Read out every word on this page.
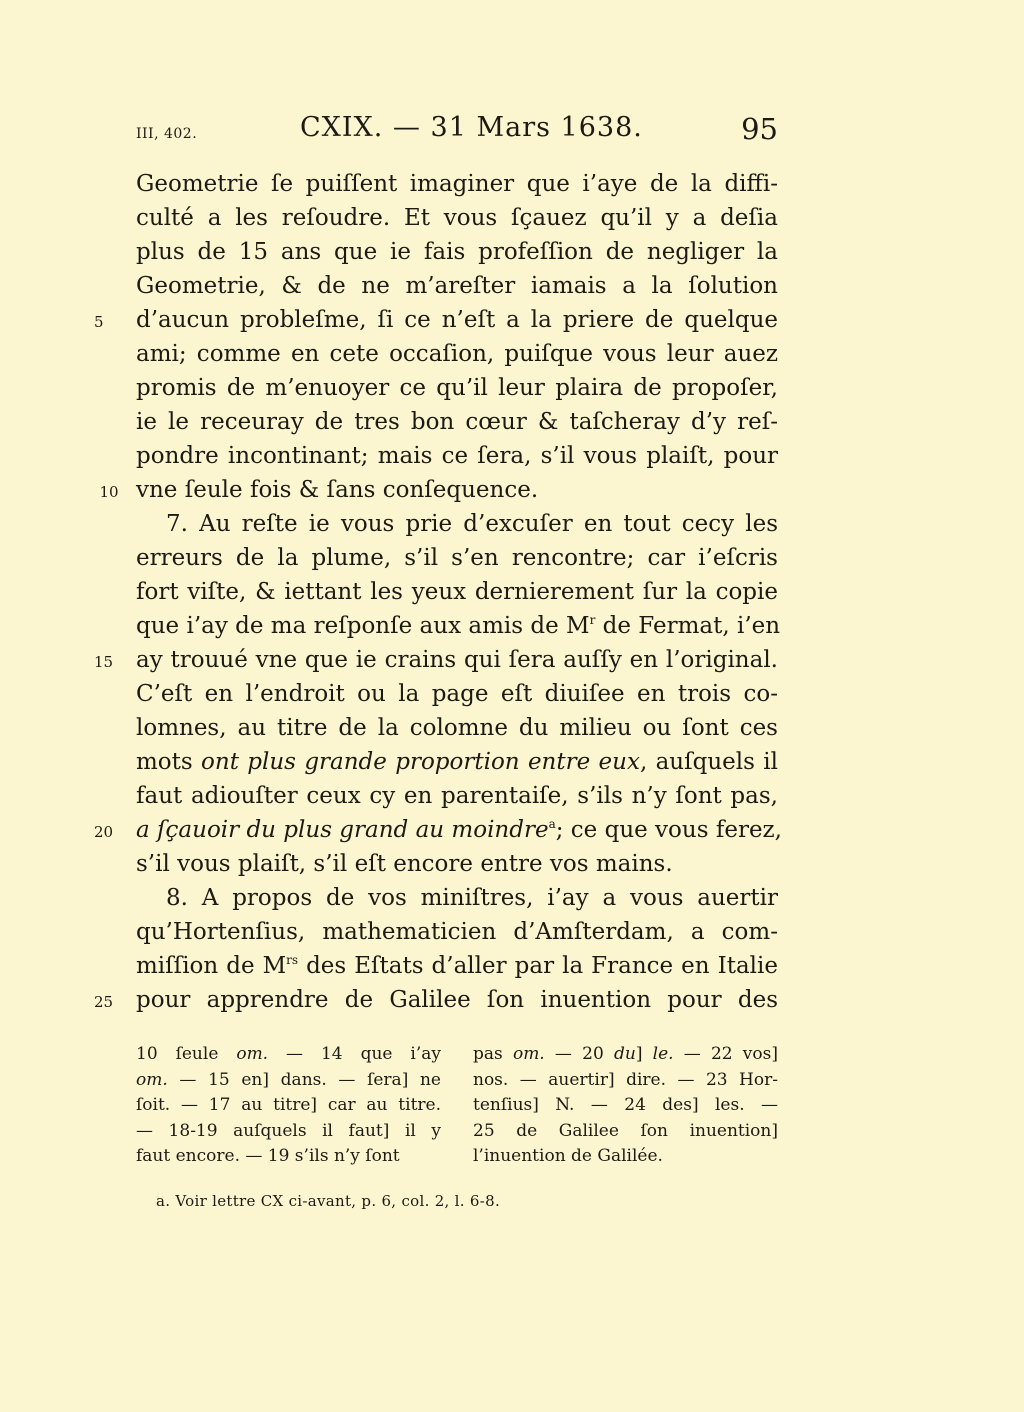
III, 402.	CXIX. — 31 Mars 1638.	95
Geometrie ſe puiſſent imaginer que i’aye de la diffi-
culté a les reſoudre. Et vous ſçauez qu’il y a deſia
plus de 15 ans que ie fais profeſſion de negliger la
Geometrie, & de ne m’areſter iamais a la ſolution
5	d’aucun probleſme, ſi ce n’eſt a la priere de quelque
ami; comme en cete occaſion, puiſque vous leur auez
promis de m’enuoyer ce qu’il leur plaira de propoſer,
ie le receuray de tres bon cœur & taſcheray d’y reſ-
pondre incontinant; mais ce ſera, s’il vous plaiſt, pour
10 vne ſeule fois & ſans conſequence.
7. Au reſte ie vous prie d’excuſer en tout cecy les
erreurs de la plume, s’il s’en rencontre; car i’eſcris
fort viſte, & iettant les yeux dernierement ſur la copie
que i’ay de ma reſponſe aux amis de $M^r$ de Fermat, i’en
15 ay trouué vne que ie crains qui ſera auſſy en l’original.
C’eſt en l’endroit ou la page eſt diuiſee en trois co-
lomnes, au titre de la colomne du milieu ou ſont ces
mots ont plus grande proportion entre eux, auſquels il
faut adiouſter ceux cy en parentaiſe, s’ils n’y ſont pas,
20 a ſçauoir du plus grand au moindre$^a$; ce que vous ferez,
s’il vous plaiſt, s’il eſt encore entre vos mains.
8. A propos de vos miniſtres, i’ay a vous auertir
qu’Hortenſius, mathematicien d’Amſterdam, a com-
miſſion de $M^{rs}$ des Eſtats d’aller par la France en Italie
25 pour apprendre de Galilee ſon inuention pour des
10 ſeule om. — 14 que i’ay
om. — 15 en] dans. — ſera] ne
ſoit. — 17 au titre] car au titre.
— 18-19 auſquels il faut] il y
faut encore. — 19 s’ils n’y ſont
pas om. — 20 du] le. — 22 vos]
nos. — auertir] dire. — 23 Hor-
tenſius] N. — 24 des] les. —
25 de Galilee ſon inuention]
l’inuention de Galilée.
a. Voir lettre CX ci-avant, p. 6, col. 2, l. 6-8.
